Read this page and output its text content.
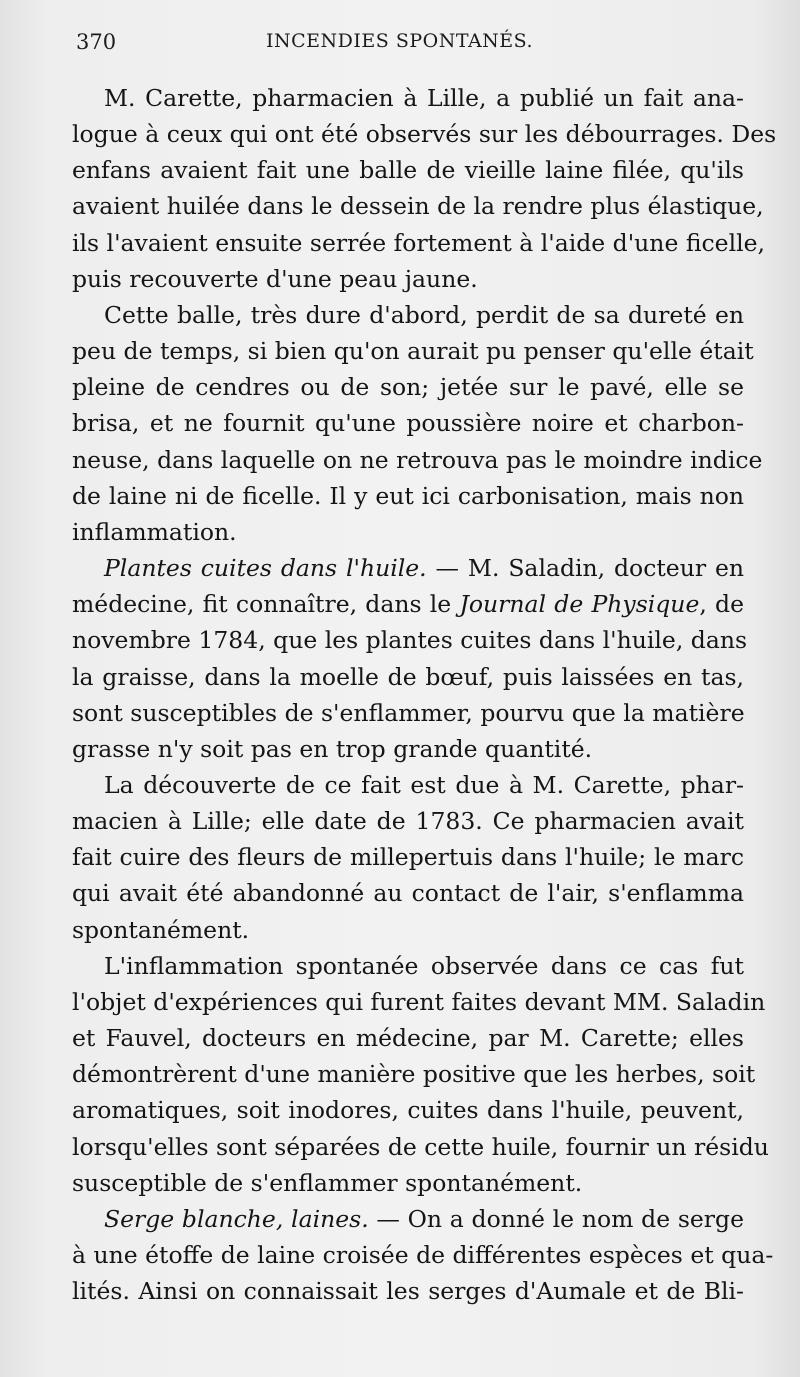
370	INCENDIES SPONTANÉS.

M. Carette, pharmacien à Lille, a publié un fait ana-
logue à ceux qui ont été observés sur les débourrages. Des
enfans avaient fait une balle de vieille laine filée, qu'ils
avaient huilée dans le dessein de la rendre plus élastique,
ils l'avaient ensuite serrée fortement à l'aide d'une ficelle,
puis recouverte d'une peau jaune.

Cette balle, très dure d'abord, perdit de sa dureté en
peu de temps, si bien qu'on aurait pu penser qu'elle était
pleine de cendres ou de son; jetée sur le pavé, elle se
brisa, et ne fournit qu'une poussière noire et charbon-
neuse, dans laquelle on ne retrouva pas le moindre indice
de laine ni de ficelle. Il y eut ici carbonisation, mais non
inflammation.

Plantes cuites dans l'huile. — M. Saladin, docteur en
médecine, fit connaître, dans le Journal de Physique, de
novembre 1784, que les plantes cuites dans l'huile, dans
la graisse, dans la moelle de bœuf, puis laissées en tas,
sont susceptibles de s'enflammer, pourvu que la matière
grasse n'y soit pas en trop grande quantité.

La découverte de ce fait est due à M. Carette, phar-
macien à Lille; elle date de 1783. Ce pharmacien avait
fait cuire des fleurs de millepertuis dans l'huile; le marc
qui avait été abandonné au contact de l'air, s'enflamma
spontanément.

L'inflammation spontanée observée dans ce cas fut
l'objet d'expériences qui furent faites devant MM. Saladin
et Fauvel, docteurs en médecine, par M. Carette; elles
démontrèrent d'une manière positive que les herbes, soit
aromatiques, soit inodores, cuites dans l'huile, peuvent,
lorsqu'elles sont séparées de cette huile, fournir un résidu
susceptible de s'enflammer spontanément.

Serge blanche, laines. — On a donné le nom de serge
à une étoffe de laine croisée de différentes espèces et qua-
lités. Ainsi on connaissait les serges d'Aumale et de Bli-
